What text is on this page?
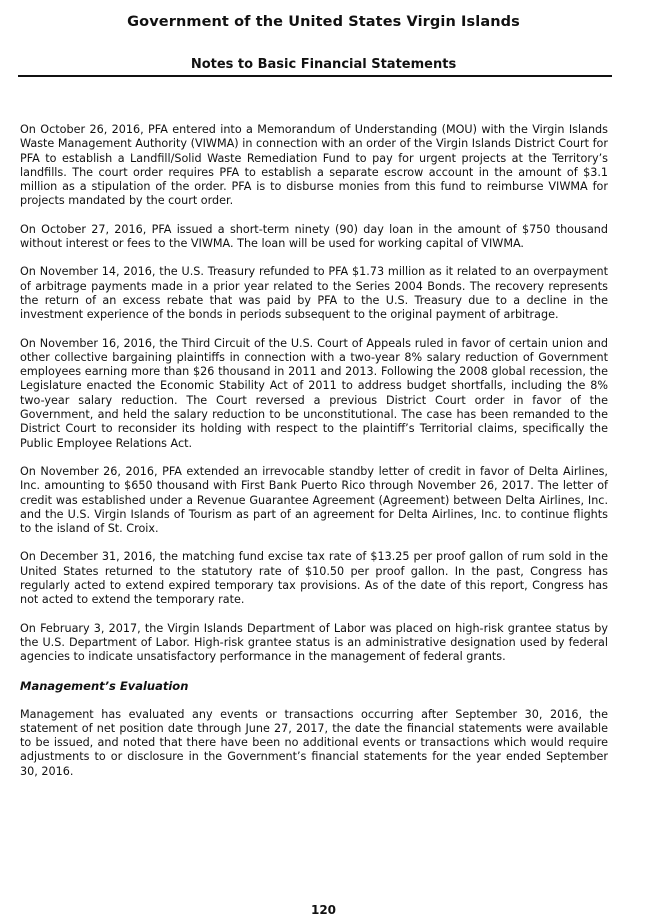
Government of the United States Virgin Islands
Notes to Basic Financial Statements

On October 26, 2016, PFA entered into a Memorandum of Understanding (MOU) with the Virgin Islands Waste Management Authority (VIWMA) in connection with an order of the Virgin Islands District Court for PFA to establish a Landfill/Solid Waste Remediation Fund to pay for urgent projects at the Territory’s landfills. The court order requires PFA to establish a separate escrow account in the amount of $3.1 million as a stipulation of the order. PFA is to disburse monies from this fund to reimburse VIWMA for projects mandated by the court order.

On October 27, 2016, PFA issued a short-term ninety (90) day loan in the amount of $750 thousand without interest or fees to the VIWMA. The loan will be used for working capital of VIWMA.

On November 14, 2016, the U.S. Treasury refunded to PFA $1.73 million as it related to an overpayment of arbitrage payments made in a prior year related to the Series 2004 Bonds. The recovery represents the return of an excess rebate that was paid by PFA to the U.S. Treasury due to a decline in the investment experience of the bonds in periods subsequent to the original payment of arbitrage.

On November 16, 2016, the Third Circuit of the U.S. Court of Appeals ruled in favor of certain union and other collective bargaining plaintiffs in connection with a two-year 8% salary reduction of Government employees earning more than $26 thousand in 2011 and 2013. Following the 2008 global recession, the Legislature enacted the Economic Stability Act of 2011 to address budget shortfalls, including the 8% two-year salary reduction. The Court reversed a previous District Court order in favor of the Government, and held the salary reduction to be unconstitutional. The case has been remanded to the District Court to reconsider its holding with respect to the plaintiff’s Territorial claims, specifically the Public Employee Relations Act.

On November 26, 2016, PFA extended an irrevocable standby letter of credit in favor of Delta Airlines, Inc. amounting to $650 thousand with First Bank Puerto Rico through November 26, 2017. The letter of credit was established under a Revenue Guarantee Agreement (Agreement) between Delta Airlines, Inc. and the U.S. Virgin Islands of Tourism as part of an agreement for Delta Airlines, Inc. to continue flights to the island of St. Croix.

On December 31, 2016, the matching fund excise tax rate of $13.25 per proof gallon of rum sold in the United States returned to the statutory rate of $10.50 per proof gallon. In the past, Congress has regularly acted to extend expired temporary tax provisions. As of the date of this report, Congress has not acted to extend the temporary rate.

On February 3, 2017, the Virgin Islands Department of Labor was placed on high-risk grantee status by the U.S. Department of Labor. High-risk grantee status is an administrative designation used by federal agencies to indicate unsatisfactory performance in the management of federal grants.

Management’s Evaluation

Management has evaluated any events or transactions occurring after September 30, 2016, the statement of net position date through June 27, 2017, the date the financial statements were available to be issued, and noted that there have been no additional events or transactions which would require adjustments to or disclosure in the Government’s financial statements for the year ended September 30, 2016.

120
